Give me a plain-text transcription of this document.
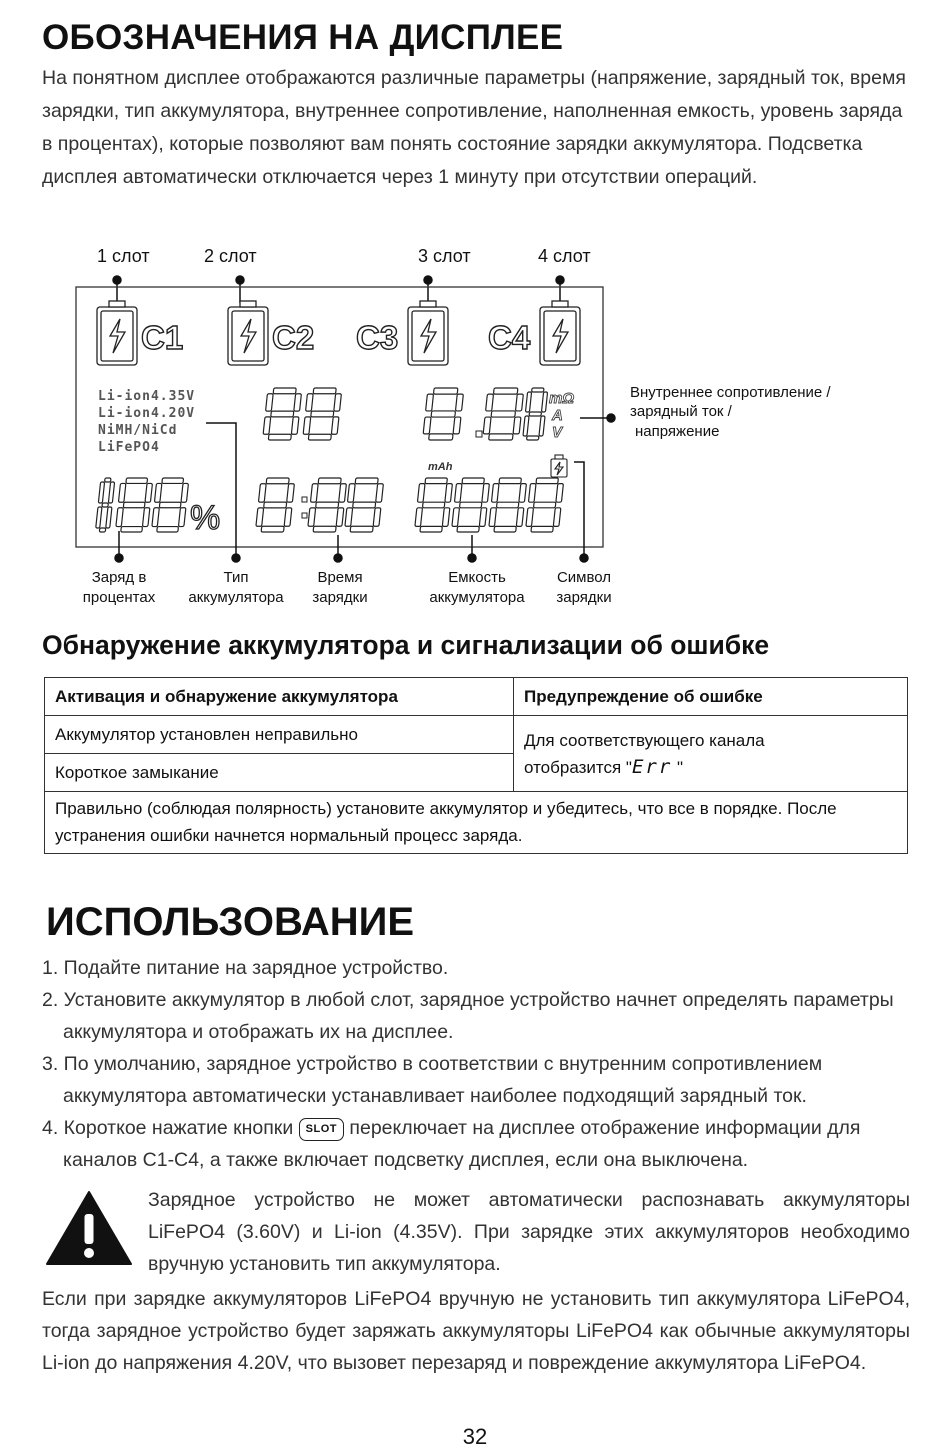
ОБОЗНАЧЕНИЯ НА ДИСПЛЕЕ

На понятном дисплее отображаются различные параметры (напряжение, зарядный ток, время зарядки, тип аккумулятора, внутреннее сопротивление, наполненная емкость, уровень заряда в процентах), которые позволяют вам понять состояние зарядки аккумулятора. Подсветка дисплея автоматически отключается через 1 минуту при отсутствии операций.

1 слот	2 слот	3 слот	4 слот
C1	C2 C3	C4
Li-ion4.35V
Li-ion4.20V
NiMH/NiCd
LiFePO4
mΩ
A
V
mAh
%
Внутреннее сопротивление /
зарядный ток /
напряжение
Заряд в
процентах
Тип
аккумулятора
Время
зарядки
Емкость
аккумулятора
Символ
зарядки
Обнаружение аккумулятора и сигнализации об ошибке
Активация и обнаружение аккумулятора	Предупреждение об ошибке
Аккумулятор установлен неправильно	Для соответствующего канала
отобразится "Err "
Короткое замыкание	
Правильно (соблюдая полярность) установите аккумулятор и убедитесь, что все в порядке. После устранения ошибки начнется нормальный процесс заряда.	
ИСПОЛЬЗОВАНИЕ
1. Подайте питание на зарядное устройство.
2. Установите аккумулятор в любой слот, зарядное устройство начнет определять параметры аккумулятора и отображать их на дисплее.
3. По умолчанию, зарядное устройство в соответствии с внутренним сопротивлением аккумулятора автоматически устанавливает наиболее подходящий зарядный ток.
4. Короткое нажатие кнопки SLOT переключает на дисплее отображение информации для каналов C1-C4, а также включает подсветку дисплея, если она выключена.

Зарядное устройство не может автоматически распознавать аккумуляторы LiFePO4 (3.60V) и Li-ion (4.35V). При зарядке этих аккумуляторов необходимо вручную установить тип аккумулятора.

Если при зарядке аккумуляторов LiFePO4 вручную не установить тип аккумулятора LiFePO4, тогда зарядное устройство будет заряжать аккумуляторы LiFePO4 как обычные аккумуляторы Li-ion до напряжения 4.20V, что вызовет перезаряд и повреждение аккумулятора LiFePO4.

32
